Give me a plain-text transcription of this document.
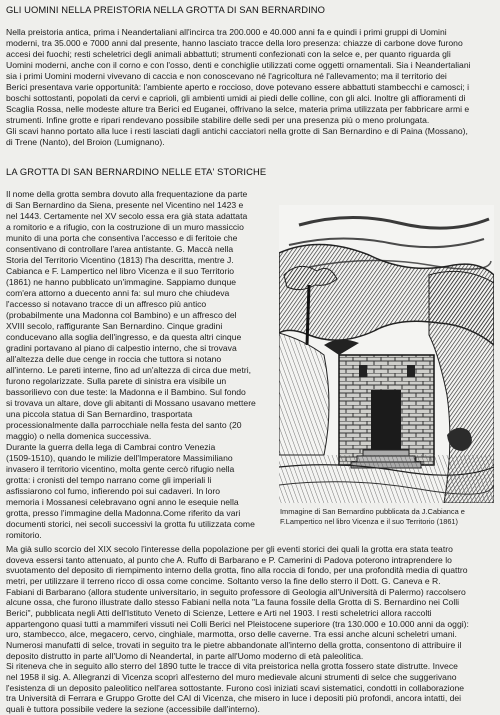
GLI UOMINI NELLA PREISTORIA NELLA GROTTA DI SAN BERNARDINO
Nella preistoria antica, prima i Neandertaliani all'incirca tra 200.000 e 40.000 anni fa e quindi i primi gruppi di Uomini
moderni, tra 35.000 e 7000 anni dal presente, hanno lasciato tracce della loro presenza: chiazze di carbone dove furono
accesi dei fuochi; resti scheletrici degli animali abbattuti; strumenti confezionati con la selce e, per quanto riguarda gli
Uomini moderni, anche con il corno e con l'osso, denti e conchiglie utilizzati come oggetti ornamentali. Sia i Neandertaliani
sia i primi Uomini moderni vivevano di caccia e non conoscevano né l'agricoltura né l'allevamento; ma il territorio dei
Berici presentava varie opportunità: l'ambiente aperto e roccioso, dove potevano essere abbattuti stambecchi e camosci; i
boschi sottostanti, popolati da cervi e caprioli, gli ambienti umidi ai piedi delle colline, con gli alci. Inoltre gli affioramenti di
Scaglia Rossa, nelle modeste alture tra Berici ed Euganei, offrivano la selce, materia prima utilizzata per fabbricare armi e
strumenti. Infine grotte e ripari rendevano possibile stabilire delle sedi per una presenza più o meno prolungata.
Gli scavi hanno portato alla luce i resti lasciati dagli antichi cacciatori nella grotte di San Bernardino e di Paina (Mossano),
di Trene (Nanto), del Broion (Lumignano).
LA GROTTA DI SAN BERNARDINO NELLE ETA' STORICHE
Il nome della grotta sembra dovuto alla frequentazione da parte
di San Bernardino da Siena, presente nel Vicentino nel 1423 e
nel 1443. Certamente nel XV secolo essa era già stata adattata
a romitorio e a rifugio, con la costruzione di un muro massiccio
munito di una porta che consentiva l'accesso e di feritoie che
consentivano di controllare l'area antistante. G. Maccà nella
Storia del Territorio Vicentino (1813) l'ha descritta, mentre J.
Cabianca e F. Lampertico nel libro Vicenza e il suo Territorio
(1861) ne hanno pubblicato un'immagine. Sappiamo dunque
com'era attorno a duecento anni fa: sul muro che chiudeva
l'accesso si notavano tracce di un affresco più antico
(probabilmente una Madonna col Bambino) e un affresco del
XVIII secolo, raffigurante San Bernardino. Cinque gradini
conducevano alla soglia dell'ingresso, e da questa altri cinque
gradini portavano al piano di calpestio interno, che si trovava
all'altezza delle due cenge in roccia che tuttora si notano
all'interno. Le pareti interne, fino ad un'altezza di circa due metri,
furono regolarizzate. Sulla parete di sinistra era visibile un
bassorilievo con due teste: la Madonna e il Bambino. Sul fondo
si trovava un altare, dove gli abitanti di Mossano usavano mettere
una piccola statua di San Bernardino, trasportata
processionalmente dalla parrocchiale nella festa del santo (20
maggio) o nella domenica successiva.
Durante la guerra della lega di Cambrai contro Venezia
(1509-1510), quando le milizie dell'Imperatore Massimiliano
invasero il territorio vicentino, molta gente cercò rifugio nella
grotta: i cronisti del tempo narrano come gli imperiali li
asfissiarono col fumo, infierendo poi sui cadaveri. In loro
memoria i Mossanesi celebravano ogni anno le esequie nella
grotta, presso l'immagine della Madonna.Come riferito da vari
documenti storici, nei secoli successivi la grotta fu utilizzata come
romitorio.
Immagine di San Bernardino pubblicata da J.Cabianca e
F.Lampertico nel libro Vicenza e il suo Territorio (1861)
Ma già sullo scorcio del XIX secolo l'interesse della popolazione per gli eventi storici dei quali la grotta era stata teatro
doveva essersi tanto attenuato, al punto che A. Ruffo di Barbarano e P. Camerini di Padova poterono intraprendere lo
svuotamento del deposito di riempimento interno della grotta, fino alla roccia di fondo, per una profondità media di quattro
metri, per utilizzare il terreno ricco di ossa come concime. Soltanto verso la fine dello sterro il Dott. G. Caneva e R.
Fabiani di Barbarano (allora studente universitario, in seguito professore di Geologia all'Università di Palermo) raccolsero
alcune ossa, che furono illustrate dallo stesso Fabiani nella nota "La fauna fossile della Grotta di S. Bernardino nei Colli
Berici", pubblicata negli Atti dell'Istituto Veneto di Scienze, Lettere e Arti nel 1903. I resti scheletrici allora raccolti
appartengono quasi tutti a mammiferi vissuti nei Colli Berici nel Pleistocene superiore (tra 130.000 e 10.000 anni da oggi):
uro, stambecco, alce, megacero, cervo, cinghiale, marmotta, orso delle caverne. Tra essi anche alcuni scheletri umani.
Numerosi manufatti di selce, trovati in seguito tra le pietre abbandonate all'interno della grotta, consentono di attribuire il
deposito distrutto in parte all'Uomo di Neandertal, in parte all'Uomo moderno di età paleolitica.
Si riteneva che in seguito allo sterro del 1890 tutte le tracce di vita preistorica nella grotta fossero state distrutte. Invece
nel 1958 il sig. A. Allegranzi di Vicenza scoprì all'esterno del muro medievale alcuni strumenti di selce che suggerivano
l'esistenza di un deposito paleolitico nell'area sottostante. Furono così iniziati scavi sistematici, condotti in collaborazione
tra Università di Ferrara e Gruppo Grotte del CAI di Vicenza, che misero in luce i depositi più profondi, ancora intatti, dei
quali è tuttora possibile vedere la sezione (accessibile dall'interno).
